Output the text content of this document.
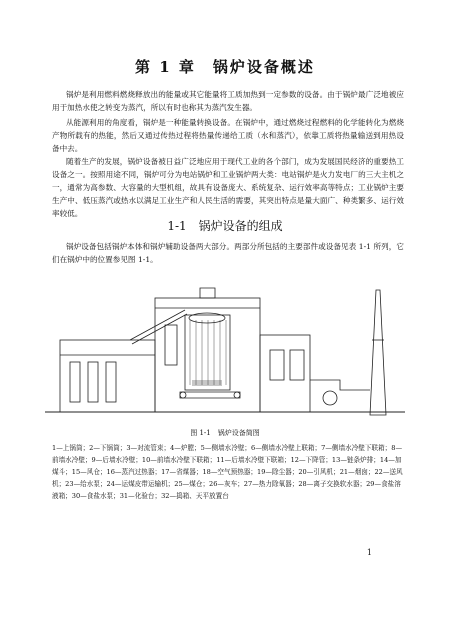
第 1 章　锅炉设备概述

锅炉是利用燃料燃烧释放出的能量或其它能量将工质加热到一定参数的设备。由于锅炉最广泛地被应用于加热水使之转变为蒸汽，所以有时也称其为蒸汽发生器。

从能源利用的角度看，锅炉是一种能量转换设备。在锅炉中，通过燃烧过程燃料的化学能转化为燃烧产物所载有的热能，然后又通过传热过程将热量传递给工质（水和蒸汽），依靠工质将热量输送到用热设备中去。

随着生产的发展，锅炉设备被日益广泛地应用于现代工业的各个部门，成为发展国民经济的重要热工设备之一。按照用途不同，锅炉可分为电站锅炉和工业锅炉两大类：电站锅炉是火力发电厂的三大主机之一，通常为高参数、大容量的大型机组，故具有设备庞大、系统复杂、运行效率高等特点；工业锅炉主要生产中、低压蒸汽或热水以满足工业生产和人民生活的需要，其突出特点是量大面广、种类繁多、运行效率较低。

1-1　锅炉设备的组成

锅炉设备包括锅炉本体和锅炉辅助设备两大部分。两部分所包括的主要部件或设备见表 1-1 所列，它们在锅炉中的位置参见图 1-1。

图 1-1　锅炉设备简图

1—上锅筒；2—下锅筒；3—对流管束；4—炉膛；5—侧墙水冷壁；6—侧墙水冷壁上联箱；7—侧墙水冷壁下联箱；8—前墙水冷壁；9—后墙水冷壁；10—前墙水冷壁下联箱；11—后墙水冷壁下联箱；12—下降管；13—链条炉排；14—加煤斗；15—风仓；16—蒸汽过热器；17—省煤器；18—空气预热器；19—除尘器；20—引风机；21—烟囱；22—送风机；23—给水泵；24—运煤皮带运输机；25—煤仓；26—灰车；27—热力除氧器；28—离子交换软水器；29—食盐溶液箱；30—食盐水泵；31—化验台；32—捣箱、天平放置台

1
